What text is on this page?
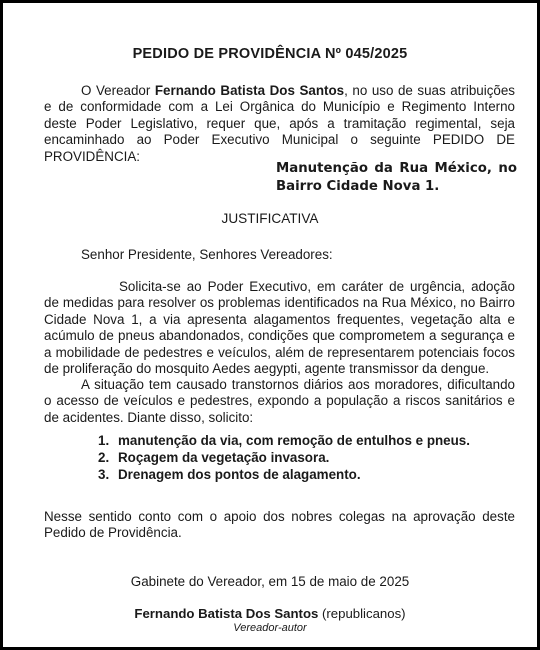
PEDIDO DE PROVIDÊNCIA Nº 045/2025
O Vereador Fernando Batista Dos Santos, no uso de suas atribuições e de conformidade com a Lei Orgânica do Município e Regimento Interno deste Poder Legislativo, requer que, após a tramitação regimental, seja encaminhado ao Poder Executivo Municipal o seguinte PEDIDO DE PROVIDÊNCIA:
Manutenção da Rua México, no Bairro Cidade Nova 1.
JUSTIFICATIVA
Senhor Presidente, Senhores Vereadores:
Solicita-se ao Poder Executivo, em caráter de urgência, adoção de medidas para resolver os problemas identificados na Rua México, no Bairro Cidade Nova 1, a via apresenta alagamentos frequentes, vegetação alta e acúmulo de pneus abandonados, condições que comprometem a segurança e a mobilidade de pedestres e veículos, além de representarem potenciais focos de proliferação do mosquito Aedes aegypti, agente transmissor da dengue.
A situação tem causado transtornos diários aos moradores, dificultando o acesso de veículos e pedestres, expondo a população a riscos sanitários e de acidentes. Diante disso, solicito:
1. manutenção da via, com remoção de entulhos e pneus.
2. Roçagem da vegetação invasora.
3. Drenagem dos pontos de alagamento.
Nesse sentido conto com o apoio dos nobres colegas na aprovação deste Pedido de Providência.
Gabinete do Vereador, em 15 de maio de 2025
Fernando Batista Dos Santos (republicanos)
Vereador-autor
